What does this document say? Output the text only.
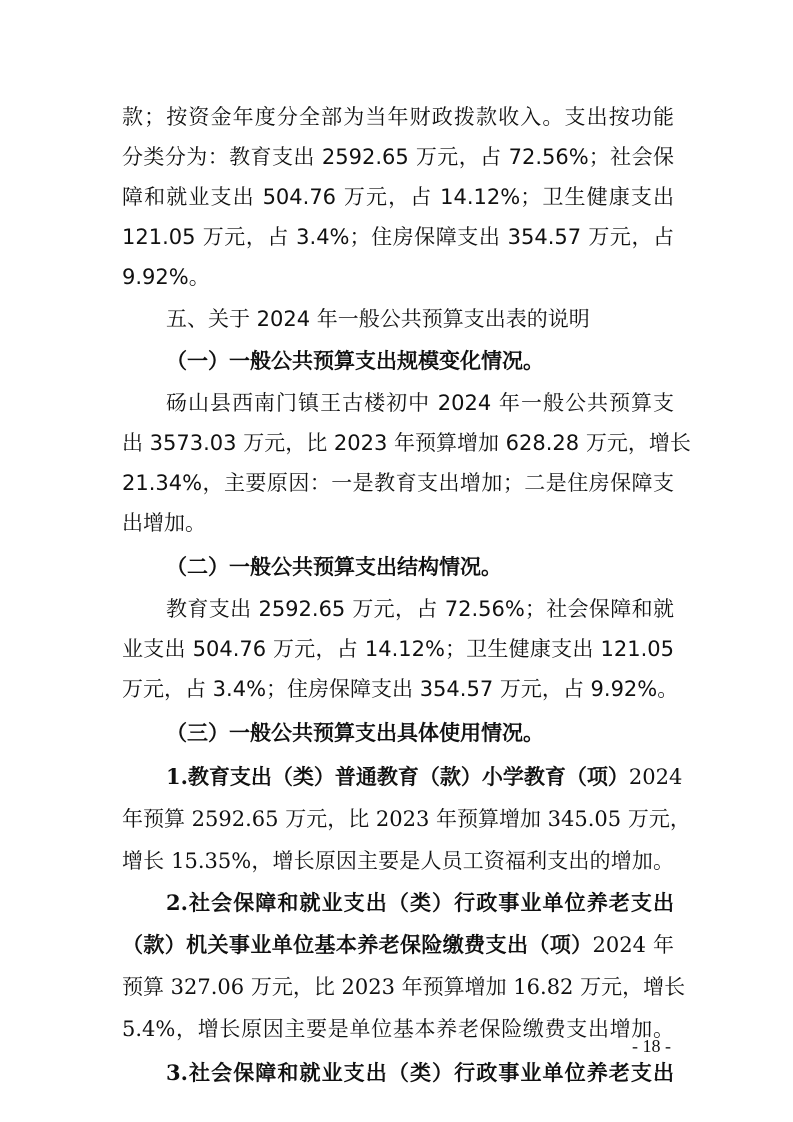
款；按资金年度分全部为当年财政拨款收入。支出按功能
分类分为：教育支出 2592.65 万元，占 72.56%；社会保
障和就业支出 504.76 万元，占 14.12%；卫生健康支出
121.05 万元，占 3.4%；住房保障支出 354.57 万元，占
9.92%。
五、关于 2024 年一般公共预算支出表的说明
（一）一般公共预算支出规模变化情况。
砀山县西南门镇王古楼初中 2024 年一般公共预算支
出 3573.03 万元，比 2023 年预算增加 628.28 万元，增长
21.34%，主要原因：一是教育支出增加；二是住房保障支
出增加。
（二）一般公共预算支出结构情况。
教育支出 2592.65 万元，占 72.56%；社会保障和就
业支出 504.76 万元，占 14.12%；卫生健康支出 121.05
万元，占 3.4%；住房保障支出 354.57 万元，占 9.92%。
（三）一般公共预算支出具体使用情况。
1.教育支出（类）普通教育（款）小学教育（项）2024
年预算 2592.65 万元，比 2023 年预算增加 345.05 万元，
增长 15.35%，增长原因主要是人员工资福利支出的增加。
2.社会保障和就业支出（类）行政事业单位养老支出
（款）机关事业单位基本养老保险缴费支出（项）2024 年
预算 327.06 万元，比 2023 年预算增加 16.82 万元，增长
5.4%，增长原因主要是单位基本养老保险缴费支出增加。
3.社会保障和就业支出（类）行政事业单位养老支出
- 18 -
